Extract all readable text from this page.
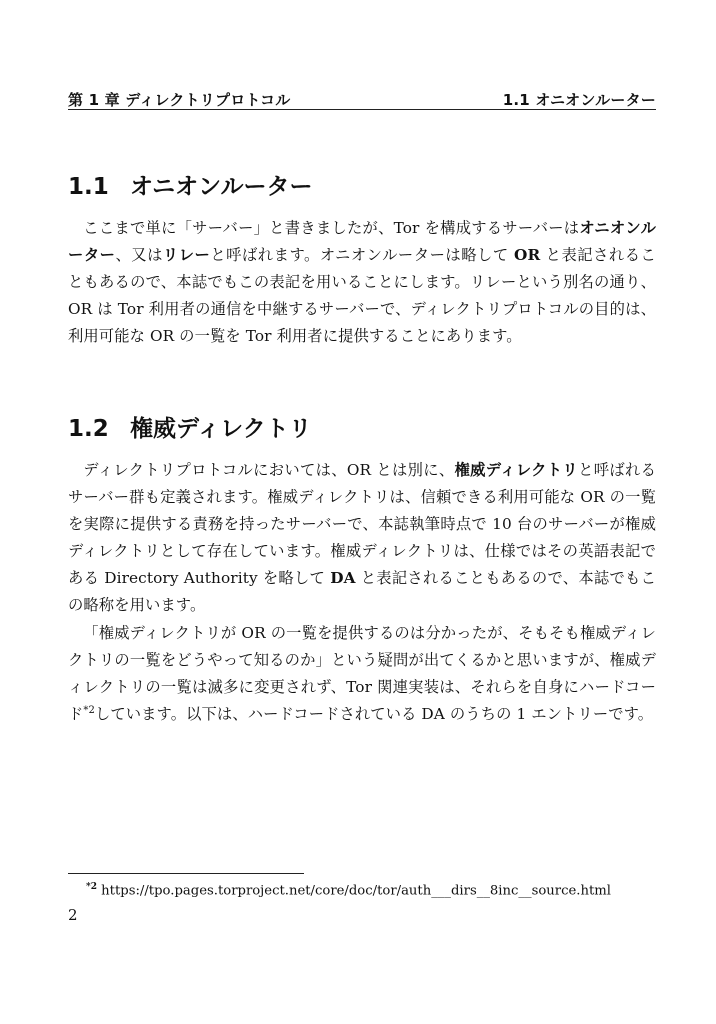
第 1 章 ディレクトリプロトコル	1.1 オニオンルーター
1.1 オニオンルーター

ここまで単に「サーバー」と書きましたが、Tor を構成するサーバーはオニオンルーター、又はリレーと呼ばれます。オニオンルーターは略して OR と表記されることもあるので、本誌でもこの表記を用いることにします。リレーという別名の通り、OR は Tor 利用者の通信を中継するサーバーで、ディレクトリプロトコルの目的は、利用可能な OR の一覧を Tor 利用者に提供することにあります。

1.2 権威ディレクトリ

ディレクトリプロトコルにおいては、OR とは別に、権威ディレクトリと呼ばれるサーバー群も定義されます。権威ディレクトリは、信頼できる利用可能な OR の一覧を実際に提供する責務を持ったサーバーで、本誌執筆時点で 10 台のサーバーが権威ディレクトリとして存在しています。権威ディレクトリは、仕様ではその英語表記である Directory Authority を略して DA と表記されることもあるので、本誌でもこの略称を用います。

「権威ディレクトリが OR の一覧を提供するのは分かったが、そもそも権威ディレクトリの一覧をどうやって知るのか」という疑問が出てくるかと思いますが、権威ディレクトリの一覧は滅多に変更されず、Tor 関連実装は、それらを自身にハードコード$^{*2}$しています。以下は、ハードコードされている DA のうちの 1 エントリーです。

$^{*2}$ https://tpo.pages.torproject.net/core/doc/tor/auth___dirs__8inc__source.html

2
